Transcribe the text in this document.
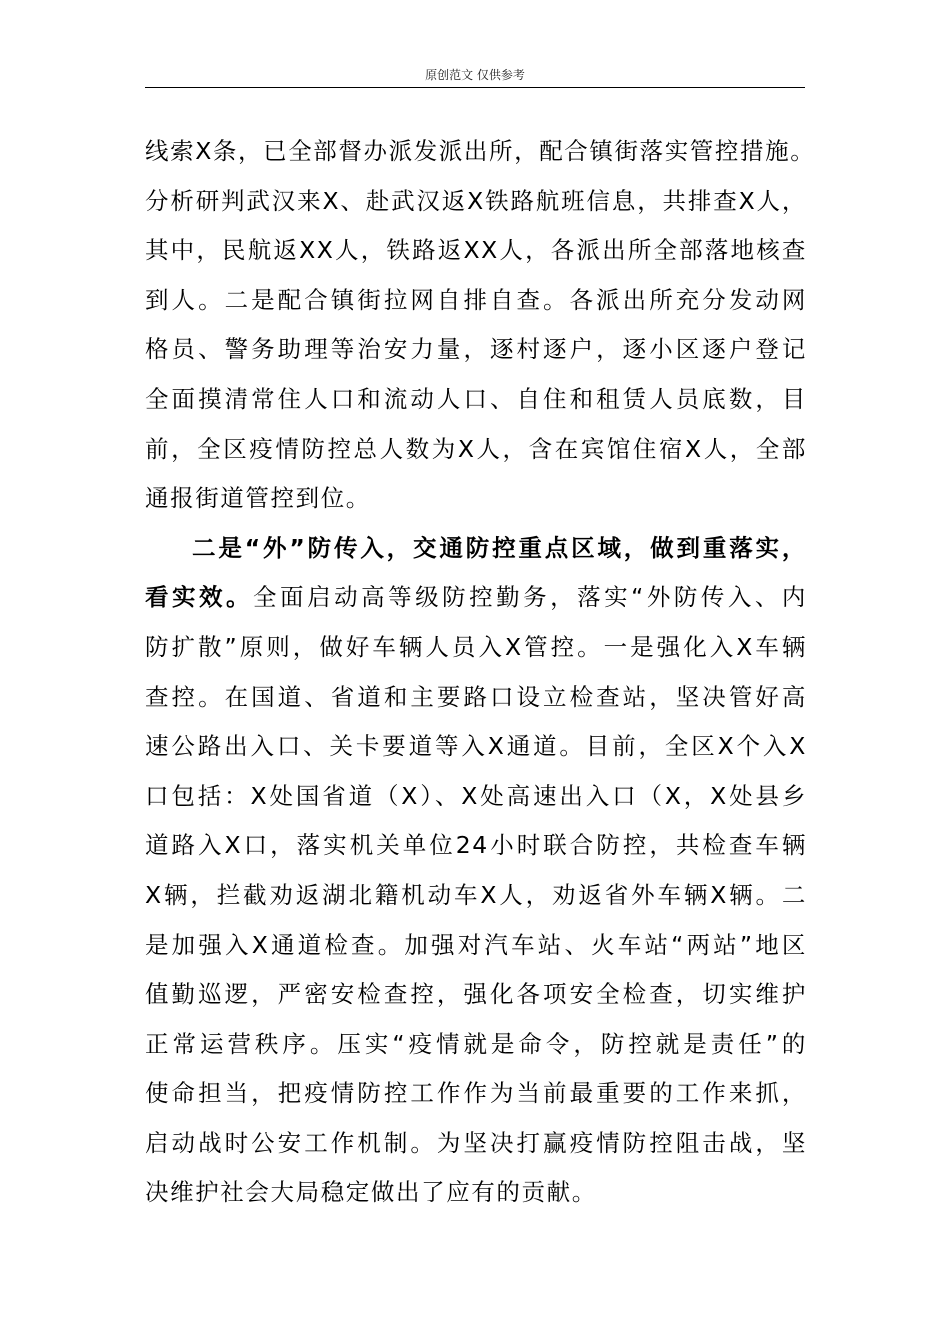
原创范文 仅供参考
线索X条，已全部督办派发派出所，配合镇街落实管控措施。
分析研判武汉来X、赴武汉返X铁路航班信息，共排查X人，
其中，民航返XX人，铁路返XX人，各派出所全部落地核查
到人。二是配合镇街拉网自排自查。各派出所充分发动网
格员、警务助理等治安力量，逐村逐户，逐小区逐户登记
全面摸清常住人口和流动人口、自住和租赁人员底数，目
前，全区疫情防控总人数为X人，含在宾馆住宿X人，全部
通报街道管控到位。
二是“外”防传入，交通防控重点区域，做到重落实，
看实效。全面启动高等级防控勤务，落实“外防传入、内
防扩散”原则，做好车辆人员入X管控。一是强化入X车辆
查控。在国道、省道和主要路口设立检查站，坚决管好高
速公路出入口、关卡要道等入X通道。目前，全区X个入X
口包括：X处国省道（X）、X处高速出入口（X，X处县乡
道路入X口，落实机关单位24小时联合防控，共检查车辆
X辆，拦截劝返湖北籍机动车X人，劝返省外车辆X辆。二
是加强入X通道检查。加强对汽车站、火车站“两站”地区
值勤巡逻，严密安检查控，强化各项安全检查，切实维护
正常运营秩序。压实“疫情就是命令，防控就是责任”的
使命担当，把疫情防控工作作为当前最重要的工作来抓，
启动战时公安工作机制。为坚决打赢疫情防控阻击战，坚
决维护社会大局稳定做出了应有的贡献。
